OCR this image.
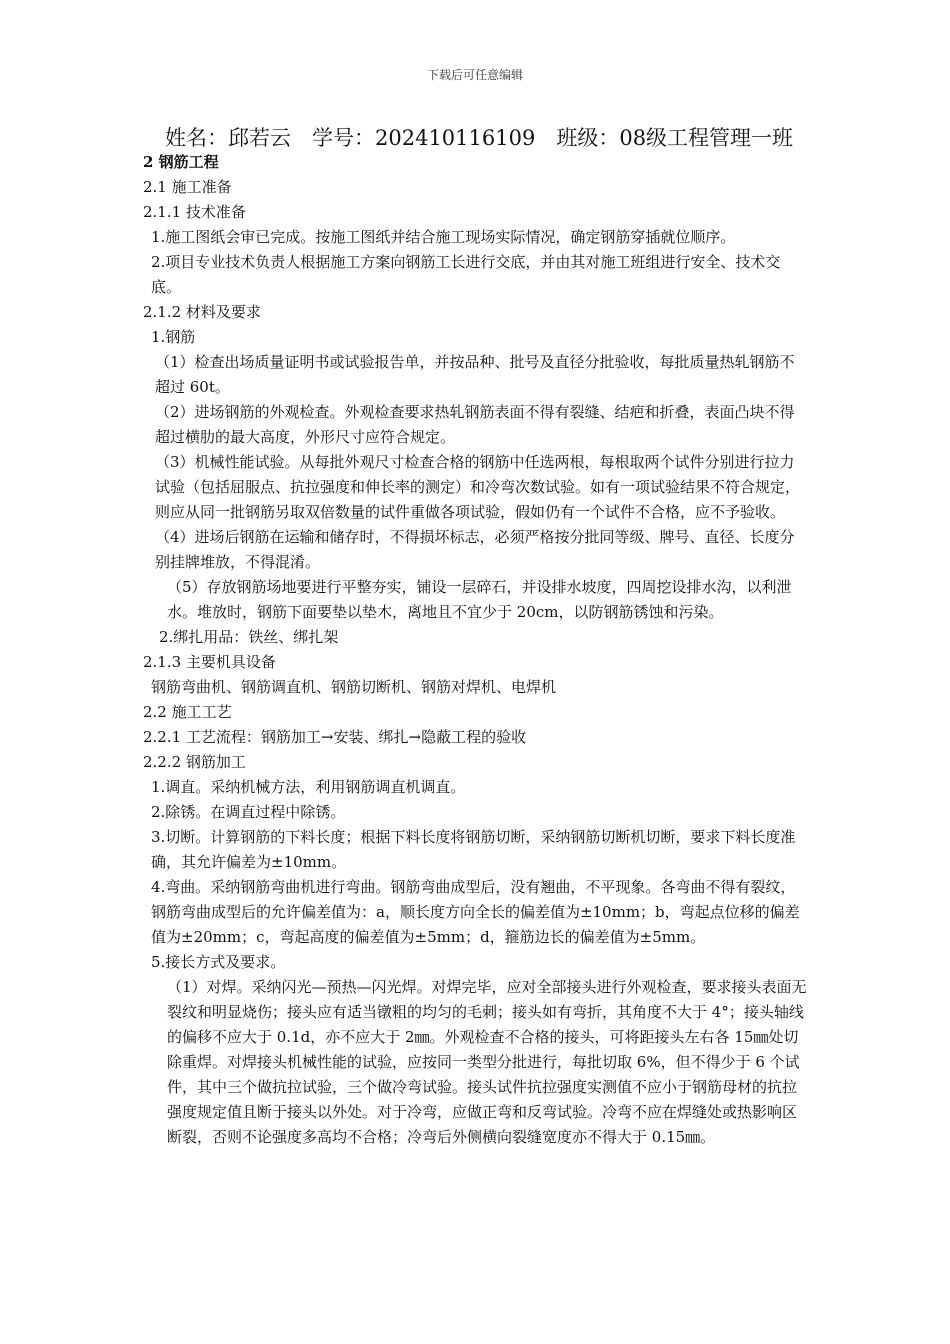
下载后可任意编辑
姓名：邱若云　学号：202410116109　班级：08级工程管理一班

2 钢筋工程

2.1 施工准备

2.1.1 技术准备

1.施工图纸会审已完成。按施工图纸并结合施工现场实际情况，确定钢筋穿插就位顺序。

2.项目专业技术负责人根据施工方案向钢筋工长进行交底，并由其对施工班组进行安全、技术交底。

2.1.2 材料及要求

1.钢筋

（1）检查出场质量证明书或试验报告单，并按品种、批号及直径分批验收，每批质量热轧钢筋不超过 60t。

（2）进场钢筋的外观检查。外观检查要求热轧钢筋表面不得有裂缝、结疤和折叠，表面凸块不得超过横肋的最大高度，外形尺寸应符合规定。

（3）机械性能试验。从每批外观尺寸检查合格的钢筋中任选两根，每根取两个试件分别进行拉力试验（包括屈服点、抗拉强度和伸长率的测定）和冷弯次数试验。如有一项试验结果不符合规定，则应从同一批钢筋另取双倍数量的试件重做各项试验，假如仍有一个试件不合格，应不予验收。

（4）进场后钢筋在运输和储存时，不得损坏标志，必须严格按分批同等级、牌号、直径、长度分别挂牌堆放，不得混淆。

（5）存放钢筋场地要进行平整夯实，铺设一层碎石，并设排水坡度，四周挖设排水沟，以利泄水。堆放时，钢筋下面要垫以垫木，离地且不宜少于 20cm，以防钢筋锈蚀和污染。

2.绑扎用品：铁丝、绑扎架

2.1.3 主要机具设备

钢筋弯曲机、钢筋调直机、钢筋切断机、钢筋对焊机、电焊机

2.2 施工工艺

2.2.1 工艺流程：钢筋加工→安装、绑扎→隐蔽工程的验收

2.2.2 钢筋加工

1.调直。采纳机械方法，利用钢筋调直机调直。

2.除锈。在调直过程中除锈。

3.切断。计算钢筋的下料长度；根据下料长度将钢筋切断，采纳钢筋切断机切断，要求下料长度准确，其允许偏差为±10mm。

4.弯曲。采纳钢筋弯曲机进行弯曲。钢筋弯曲成型后，没有翘曲，不平现象。各弯曲不得有裂纹，钢筋弯曲成型后的允许偏差值为：a，顺长度方向全长的偏差值为±10mm；b，弯起点位移的偏差值为±20mm；c，弯起高度的偏差值为±5mm；d，箍筋边长的偏差值为±5mm。

5.接长方式及要求。

（1）对焊。采纳闪光—预热—闪光焊。对焊完毕，应对全部接头进行外观检查，要求接头表面无裂纹和明显烧伤；接头应有适当镦粗的均匀的毛刺；接头如有弯折，其角度不大于 4°；接头轴线的偏移不应大于 0.1d，亦不应大于 2㎜。外观检查不合格的接头，可将距接头左右各 15㎜处切除重焊。对焊接头机械性能的试验，应按同一类型分批进行，每批切取 6%，但不得少于 6 个试件，其中三个做抗拉试验，三个做冷弯试验。接头试件抗拉强度实测值不应小于钢筋母材的抗拉强度规定值且断于接头以外处。对于冷弯，应做正弯和反弯试验。冷弯不应在焊缝处或热影响区断裂，否则不论强度多高均不合格；冷弯后外侧横向裂缝宽度亦不得大于 0.15㎜。
